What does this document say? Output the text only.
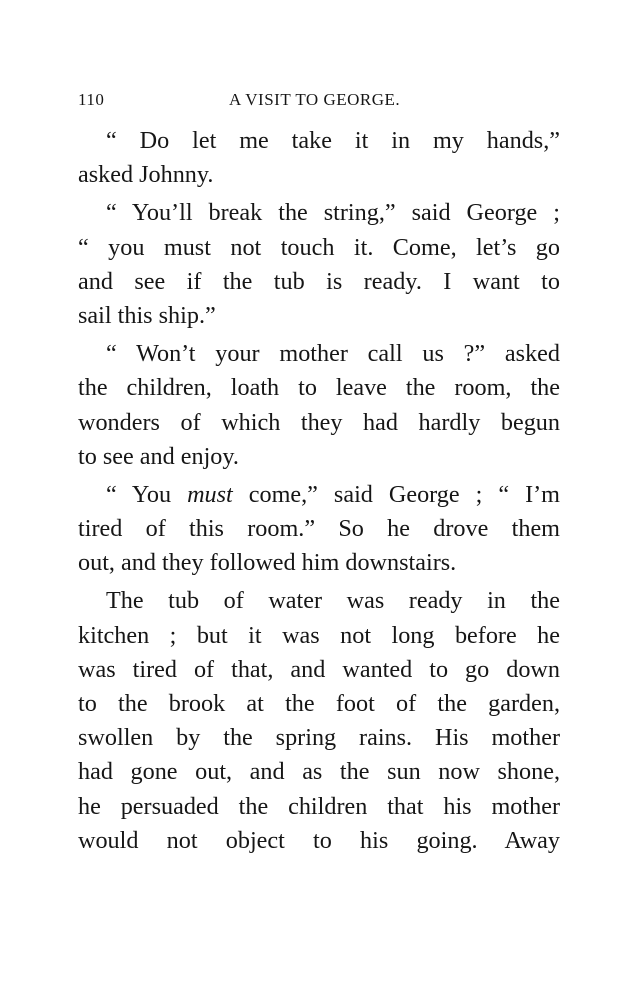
110	A VISIT TO GEORGE.
“ Do let me take it in my hands,”
asked Johnny.
“ You’ll break the string,” said George ;
“ you must not touch it. Come, let’s go
and see if the tub is ready. I want to
sail this ship.”
“ Won’t your mother call us ?” asked
the children, loath to leave the room, the
wonders of which they had hardly begun
to see and enjoy.
“ You must come,” said George ; “ I’m
tired of this room.” So he drove them
out, and they followed him downstairs.
The tub of water was ready in the
kitchen ; but it was not long before he
was tired of that, and wanted to go down
to the brook at the foot of the garden,
swollen by the spring rains. His mother
had gone out, and as the sun now shone,
he persuaded the children that his mother
would not object to his going. Away
